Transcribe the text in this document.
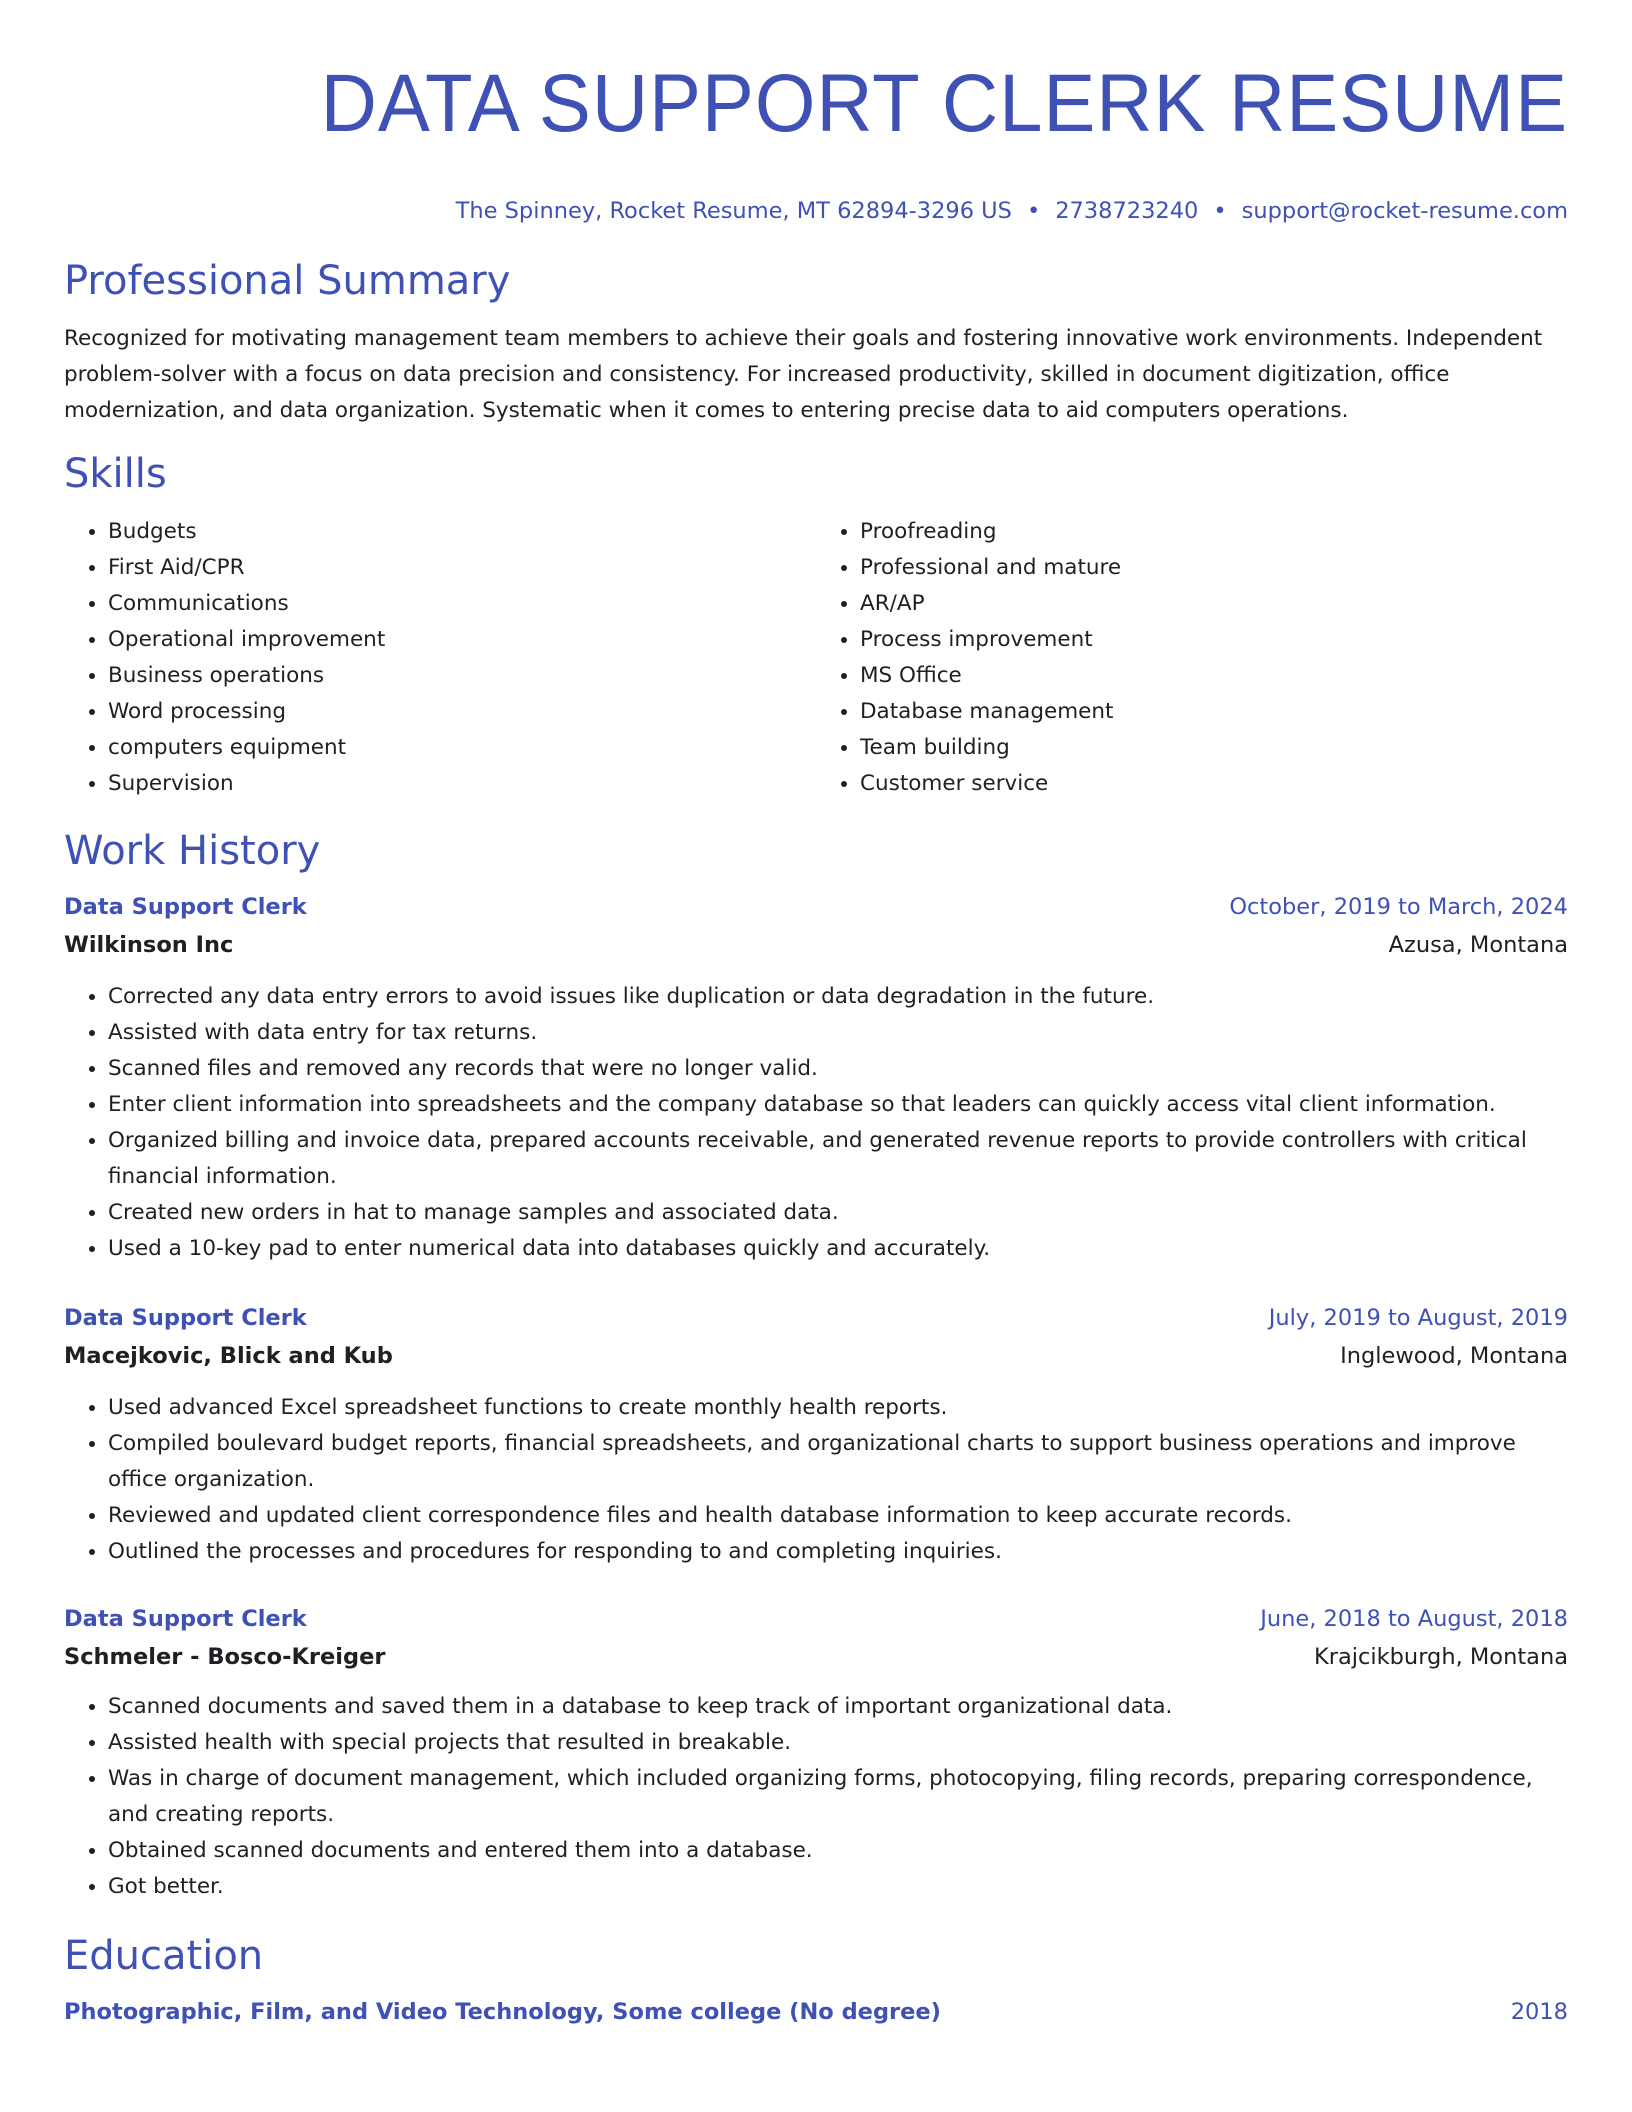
DATA SUPPORT CLERK RESUME
The Spinney, Rocket Resume, MT 62894-3296 US • 2738723240 • support@rocket-resume.com
Professional Summary

Recognized for motivating management team members to achieve their goals and fostering innovative work environments. Independent problem-solver with a focus on data precision and consistency. For increased productivity, skilled in document digitization, office modernization, and data organization. Systematic when it comes to entering precise data to aid computers operations.

Skills
• Budgets
• First Aid/CPR
• Communications
• Operational improvement
• Business operations
• Word processing
• computers equipment
• Supervision
• Proofreading
• Professional and mature
• AR/AP
• Process improvement
• MS Office
• Database management
• Team building
• Customer service
Work History
Data Support Clerk	October, 2019 to March, 2024
Wilkinson Inc	Azusa, Montana
• Corrected any data entry errors to avoid issues like duplication or data degradation in the future.
• Assisted with data entry for tax returns.
• Scanned files and removed any records that were no longer valid.
• Enter client information into spreadsheets and the company database so that leaders can quickly access vital client information.
• Organized billing and invoice data, prepared accounts receivable, and generated revenue reports to provide controllers with critical financial information.
• Created new orders in hat to manage samples and associated data.
• Used a 10-key pad to enter numerical data into databases quickly and accurately.
Data Support Clerk	July, 2019 to August, 2019
Macejkovic, Blick and Kub	Inglewood, Montana
• Used advanced Excel spreadsheet functions to create monthly health reports.
• Compiled boulevard budget reports, financial spreadsheets, and organizational charts to support business operations and improve office organization.
• Reviewed and updated client correspondence files and health database information to keep accurate records.
• Outlined the processes and procedures for responding to and completing inquiries.
Data Support Clerk	June, 2018 to August, 2018
Schmeler - Bosco-Kreiger	Krajcikburgh, Montana
• Scanned documents and saved them in a database to keep track of important organizational data.
• Assisted health with special projects that resulted in breakable.
• Was in charge of document management, which included organizing forms, photocopying, filing records, preparing correspondence, and creating reports.
• Obtained scanned documents and entered them into a database.
• Got better.
Education
Photographic, Film, and Video Technology, Some college (No degree)	2018
